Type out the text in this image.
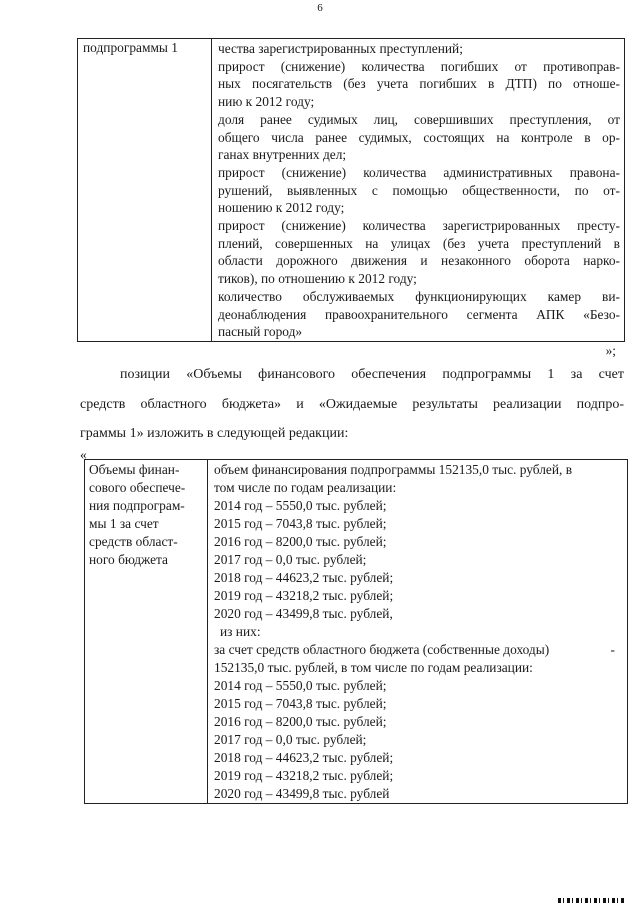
6
подпрограммы 1	чества зарегистрированных преступлений;
прирост (снижение) количества погибших от противоправ-
ных посягательств (без учета погибших в ДТП) по отноше-
нию к 2012 году;
доля ранее судимых лиц, совершивших преступления, от
общего числа ранее судимых, состоящих на контроле в ор-
ганах внутренних дел;
прирост (снижение) количества административных правона-
рушений, выявленных с помощью общественности, по от-
ношению к 2012 году;
прирост (снижение) количества зарегистрированных престу-
плений, совершенных на улицах (без учета преступлений в
области дорожного движения и незаконного оборота нарко-
тиков), по отношению к 2012 году;
количество обслуживаемых функционирующих камер ви-
деонаблюдения правоохранительного сегмента АПК «Безо-
пасный город»
»;
позиции «Объемы финансового обеспечения подпрограммы 1 за счет
средств областного бюджета» и «Ожидаемые результаты реализации подпро-
граммы 1» изложить в следующей редакции:
«
Объемы финан-
сового обеспече-
ния подпрограм-
мы 1 за счет
средств област-
ного бюджета

объем финансирования подпрограммы 152135,0 тыс. рублей, в
том числе по годам реализации:
2014 год – 5550,0 тыс. рублей;
2015 год – 7043,8 тыс. рублей;
2016 год – 8200,0 тыс. рублей;
2017 год – 0,0 тыс. рублей;
2018 год – 44623,2 тыс. рублей;
2019 год – 43218,2 тыс. рублей;
2020 год – 43499,8 тыс. рублей,
из них:
за счет средств областного бюджета (собственные доходы)	-
152135,0 тыс. рублей, в том числе по годам реализации:
2014 год – 5550,0 тыс. рублей;
2015 год – 7043,8 тыс. рублей;
2016 год – 8200,0 тыс. рублей;
2017 год – 0,0 тыс. рублей;
2018 год – 44623,2 тыс. рублей;
2019 год – 43218,2 тыс. рублей;
2020 год – 43499,8 тыс. рублей
